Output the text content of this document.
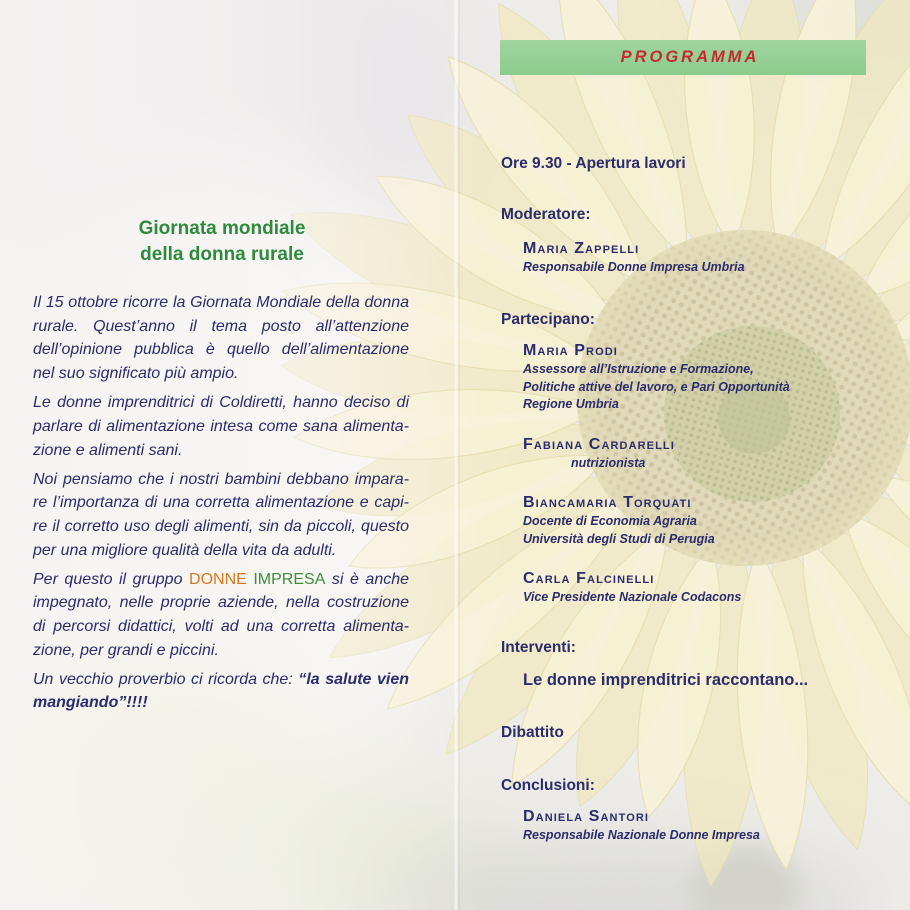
Giornata mondiale
della donna rurale

Il 15 ottobre ricorre la Giornata Mondiale della donna
rurale. Quest’anno il tema posto all’attenzione
dell’opinione pubblica è quello dell’alimentazione
nel suo significato più ampio.

Le donne imprenditrici di Coldiretti, hanno deciso di
parlare di alimentazione intesa come sana alimenta-
zione e alimenti sani.

Noi pensiamo che i nostri bambini debbano impara-
re l’importanza di una corretta alimentazione e capi-
re il corretto uso degli alimenti, sin da piccoli, questo
per una migliore qualità della vita da adulti.

Per questo il gruppo DONNE IMPRESA si è anche
impegnato, nelle proprie aziende, nella costruzione
di percorsi didattici, volti ad una corretta alimenta-
zione, per grandi e piccini.

Un vecchio proverbio ci ricorda che: “la salute vien
mangiando”!!!!

PROGRAMMA
Ore 9.30 - Apertura lavori
Moderatore:
Maria Zappelli
Responsabile Donne Impresa Umbria
Partecipano:
Maria Prodi
Assessore all’Istruzione e Formazione,
Politiche attive del lavoro, e Pari Opportunità
Regione Umbria
Fabiana Cardarelli
nutrizionista
Biancamaria Torquati
Docente di Economia Agraria
Università degli Studi di Perugia
Carla Falcinelli
Vice Presidente Nazionale Codacons
Interventi:
Le donne imprenditrici raccontano...
Dibattito
Conclusioni:
Daniela Santori
Responsabile Nazionale Donne Impresa
